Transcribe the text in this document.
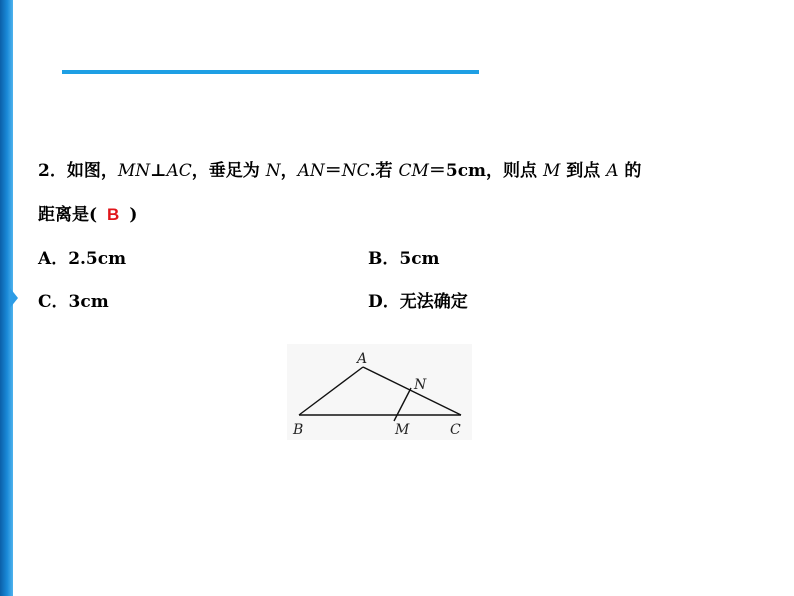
2．如图，MN⊥AC，垂足为 N，AN＝NC.若 CM＝5cm，则点 M 到点 A 的
距离是( B )
A．2.5cm	B．5cm
C．3cm	D．无法确定
A
N
B	M	C
